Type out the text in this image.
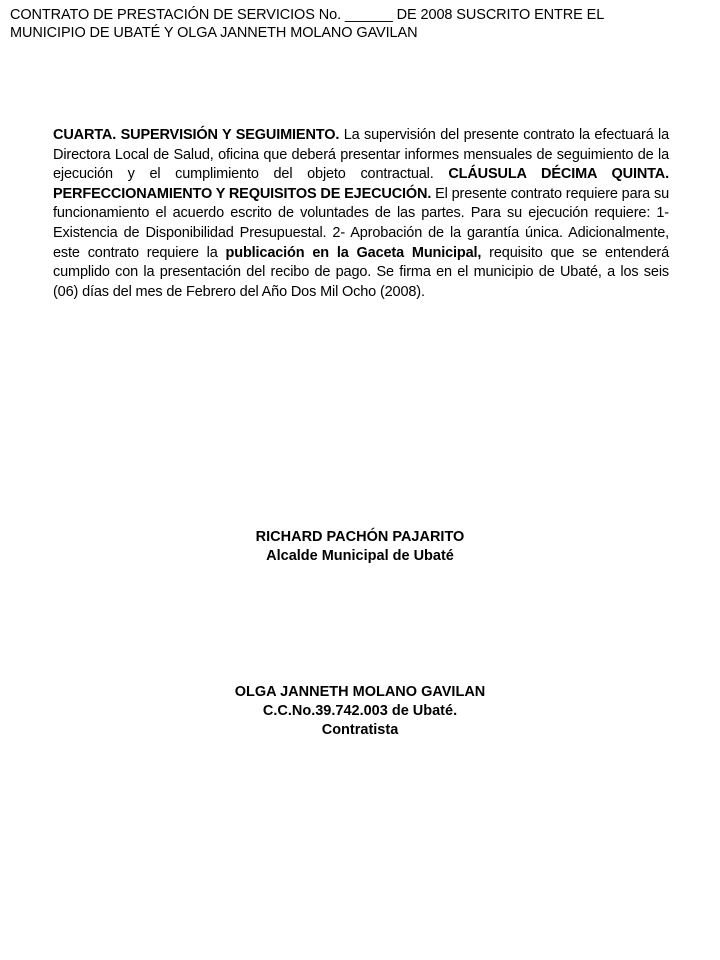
CONTRATO DE PRESTACIÓN DE SERVICIOS No. ______ DE 2008 SUSCRITO ENTRE EL
MUNICIPIO DE UBATÉ Y OLGA JANNETH MOLANO GAVILAN
CUARTA. SUPERVISIÓN Y SEGUIMIENTO. La supervisión del presente contrato la efectuará la Directora Local de Salud, oficina que deberá presentar informes mensuales de seguimiento de la ejecución y el cumplimiento del objeto contractual. CLÁUSULA DÉCIMA QUINTA. PERFECCIONAMIENTO Y REQUISITOS DE EJECUCIÓN. El presente contrato requiere para su funcionamiento el acuerdo escrito de voluntades de las partes. Para su ejecución requiere: 1- Existencia de Disponibilidad Presupuestal. 2- Aprobación de la garantía única. Adicionalmente, este contrato requiere la publicación en la Gaceta Municipal, requisito que se entenderá cumplido con la presentación del recibo de pago. Se firma en el municipio de Ubaté, a los seis (06) días del mes de Febrero del Año Dos Mil Ocho (2008).
RICHARD PACHÓN PAJARITO
Alcalde Municipal de Ubaté
OLGA JANNETH MOLANO GAVILAN
C.C.No.39.742.003 de Ubaté.
Contratista
